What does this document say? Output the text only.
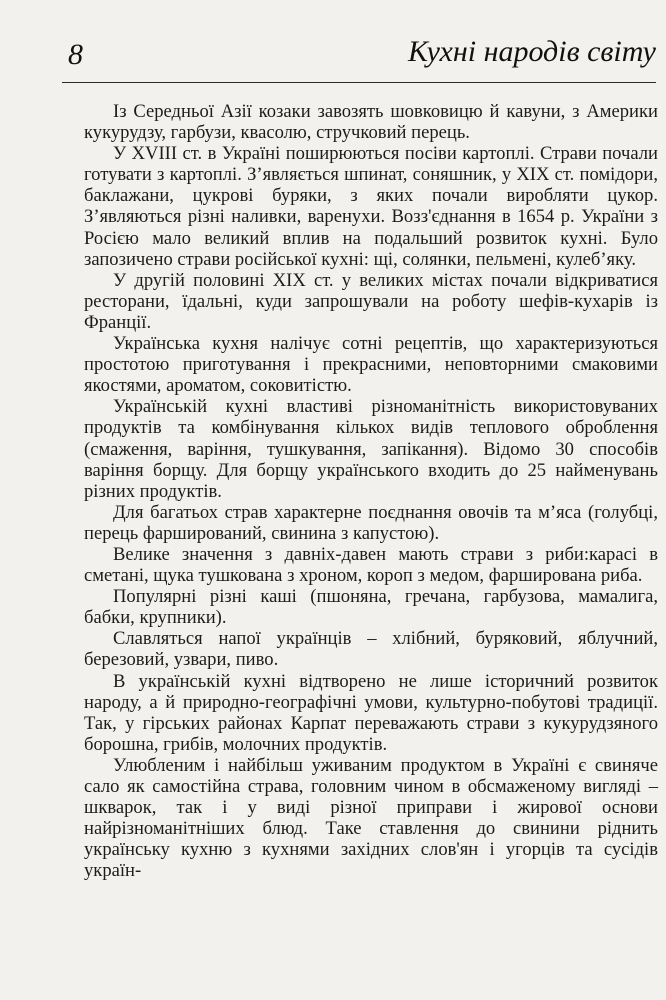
8	Кухні народів світу

Із Середньої Азії козаки завозять шовковицю й кавуни, з Америки кукурудзу, гарбузи, квасолю, стручковий перець.

У XVIII ст. в Україні поширюються посіви картоплі. Страви почали готувати з картоплі. З’являється шпинат, соняшник, у ХІХ ст. помідори, баклажани, цукрові буряки, з яких почали виробляти цукор. З’являються різні наливки, варенухи. Возз'єднання в 1654 р. України з Росією мало великий вплив на подальший розвиток кухні. Було запозичено страви російської кухні: щі, солянки, пельмені, кулеб’яку.

У другій половині XIX ст. у великих містах почали відкриватися ресторани, їдальні, куди запрошували на роботу шефів-кухарів із Франції.

Українська кухня налічує сотні рецептів, що характеризуються простотою приготування і прекрасними, неповторними смаковими якостями, ароматом, соковитістю.

Українській кухні властиві різноманітність використовуваних продуктів та комбінування кількох видів теплового оброблення (смаження, варіння, тушкування, запікання). Відомо 30 способів варіння борщу. Для борщу українського входить до 25 найменувань різних продуктів.

Для багатьох страв характерне поєднання овочів та м’яса (голубці, перець фарширований, свинина з капустою).

Велике значення з давніх-давен мають страви з риби:карасі в сметані, щука тушкована з хроном, короп з медом, фарширована риба.

Популярні різні каші (пшоняна, гречана, гарбузова, мамалига, бабки, крупники).

Славляться напої українців – хлібний, буряковий, яблучний, березовий, узвари, пиво.

В українській кухні відтворено не лише історичний розвиток народу, а й природно-географічні умови, культурно-побутові традиції. Так, у гірських районах Карпат переважають страви з кукурудзяного борошна, грибів, молочних продуктів.

Улюбленим і найбільш уживаним продуктом в Україні є свиняче сало як самостійна страва, головним чином в обсмаженому вигляді – шкварок, так і у виді різної приправи і жирової основи найрізноманітніших блюд. Таке ставлення до свинини ріднить українську кухню з кухнями західних слов'ян і угорців та сусідів україн-
